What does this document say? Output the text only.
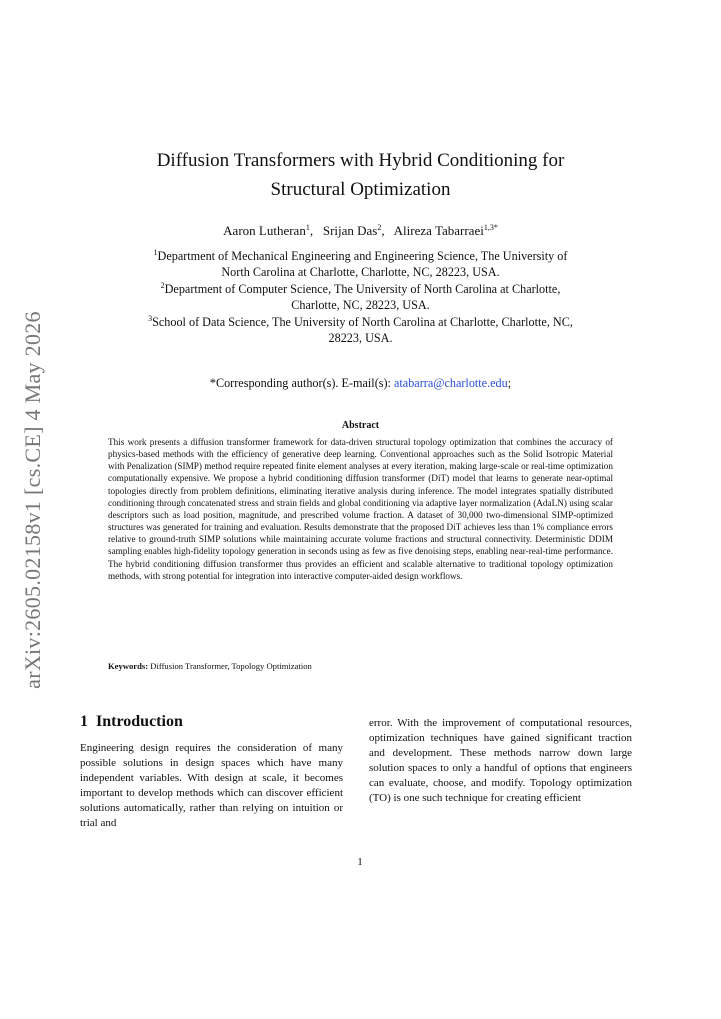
arXiv:2605.02158v1 [cs.CE] 4 May 2026
Diffusion Transformers with Hybrid Conditioning for
Structural Optimization
Aaron Lutheran$^1$,   Srijan Das$^2$,   Alireza Tabarraei$^{1,3*}$
$^1$Department of Mechanical Engineering and Engineering Science, The University of
North Carolina at Charlotte, Charlotte, NC, 28223, USA.
$^2$Department of Computer Science, The University of North Carolina at Charlotte,
Charlotte, NC, 28223, USA.
$^3$School of Data Science, The University of North Carolina at Charlotte, Charlotte, NC,
28223, USA.
*Corresponding author(s). E-mail(s): atabarra@charlotte.edu;
Abstract
This work presents a diffusion transformer framework for data-driven structural topology optimization that combines the accuracy of physics-based methods with the efficiency of generative deep learning. Conventional approaches such as the Solid Isotropic Material with Penalization (SIMP) method require repeated finite element analyses at every iteration, making large-scale or real-time optimization computationally expensive. We propose a hybrid conditioning diffusion transformer (DiT) model that learns to generate near-optimal topologies directly from problem definitions, eliminating iterative analysis during inference. The model integrates spatially distributed conditioning through concatenated stress and strain fields and global conditioning via adaptive layer normalization (AdaLN) using scalar descriptors such as load position, magnitude, and prescribed volume fraction. A dataset of 30,000 two-dimensional SIMP-optimized structures was generated for training and evaluation. Results demonstrate that the proposed DiT achieves less than 1% compliance errors relative to ground-truth SIMP solutions while maintaining accurate volume fractions and structural connectivity. Deterministic DDIM sampling enables high-fidelity topology generation in seconds using as few as five denoising steps, enabling near-real-time performance. The hybrid conditioning diffusion transformer thus provides an efficient and scalable alternative to traditional topology optimization methods, with strong potential for integration into interactive computer-aided design workflows.
Keywords: Diffusion Transformer, Topology Optimization
1 Introduction
Engineering design requires the consideration of many possible solutions in design spaces which have many independent variables. With design at scale, it becomes important to develop methods which can discover efficient solutions automatically, rather than relying on intuition or trial and
error. With the improvement of computational resources, optimization techniques have gained significant traction and development. These methods narrow down large solution spaces to only a handful of options that engineers can evaluate, choose, and modify. Topology optimization (TO) is one such technique for creating efficient
1
